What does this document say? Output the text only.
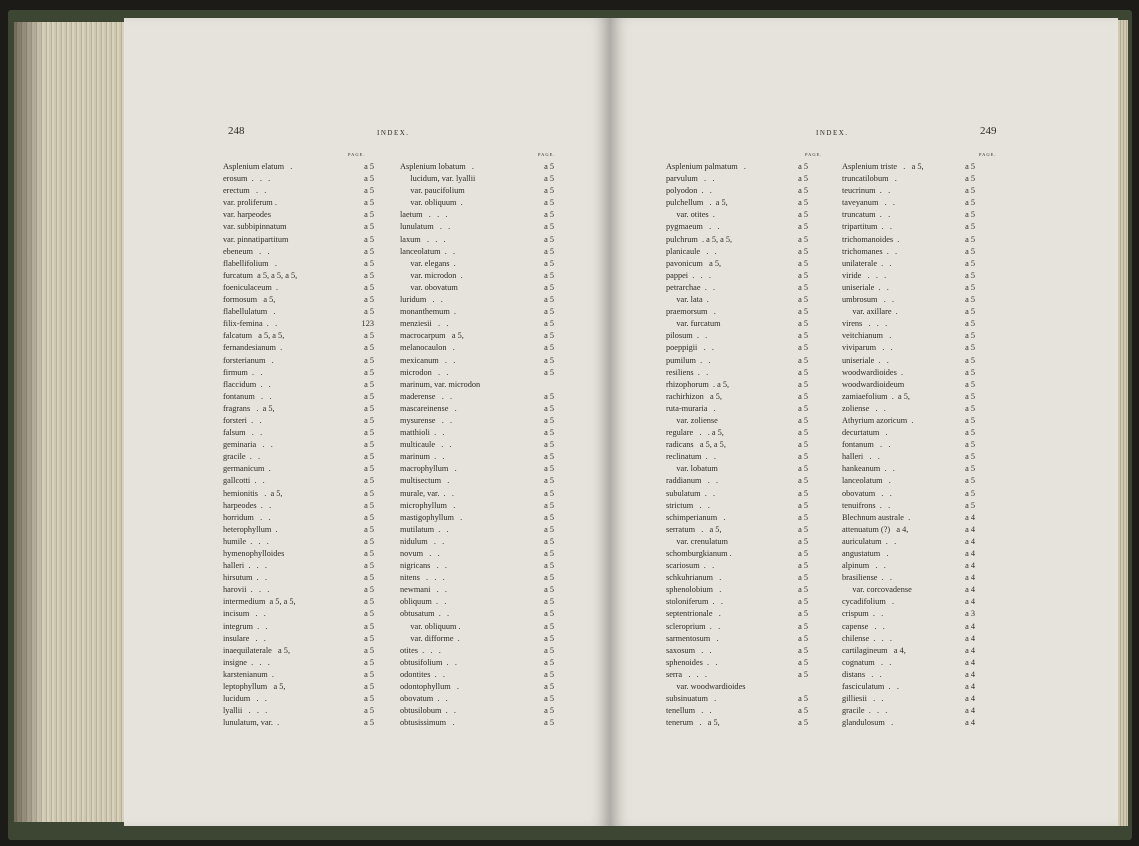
248	INDEX.
PAGE.	PAGE.
Asplenium elatum   .	a 5
erosum  .   .   .	a 5
erectum   .   .	a 5
var. proliferum .	a 5
var. harpeodes	a 5
var. subbipinnatum	a 5
var. pinnatipartitum	a 5
ebeneum   .   .	a 5
flabellifolium   .	a 5
furcatum  a 5, a 5, a 5,	a 5
foeniculaceum  .	a 5
formosum   a 5,	a 5
flabellulatum   .	a 5
filix-femina  .   .	123
falcatum   a 5, a 5,	a 5
fernandesianum  .	a 5
forsterianum   .	a 5
firmum  .   .	a 5
flaccidum  .   .	a 5
fontanum   .   .	a 5
fragrans   .  a 5,	a 5
forsteri  .   .	a 5
falsum   .   .	a 5
geminaria   .   .	a 5
gracile  .   .	a 5
germanicum  .	a 5
gallcotti  .   .	a 5
hemionitis   .  a 5,	a 5
harpeodes  .   .	a 5
horridum   .   .	a 5
heterophyllum  .	a 5
humile  .   .   .	a 5
hymenophylloides	a 5
halleri  .   .   .	a 5
hirsutum  .   .	a 5
harovii  .   .   .	a 5
intermedium  a 5, a 5,	a 5
incisum   .   .	a 5
integrum  .   .	a 5
insulare   .   .	a 5
inaequilaterale   a 5,	a 5
insigne  .   .   .	a 5
karstenianum  .	a 5
leptophyllum   a 5,	a 5
lucidum   .   .	a 5
lyallii   .   .   .	a 5
lunulatum, var.  .	a 5
Asplenium lobatum   .	a 5
lucidum, var. lyallii	a 5
var. paucifolium	a 5
var. obliquum  .	a 5
laetum   .   .   .	a 5
lunulatum   .   .	a 5
laxum   .   .   .	a 5
lanceolatum  .   .	a 5
var. elegans  .	a 5
var. microdon  .	a 5
var. obovatum	a 5
luridum   .   .	a 5
monanthemum  .	a 5
menziesii   .   .	a 5
macrocarpum   a 5,	a 5
melanocaulon   .	a 5
mexicanum   .   .	a 5
microdon   .   .	a 5
marinum, var. microdon
maderense   .   .	a 5
mascareinense   .	a 5
mysurense   .   .	a 5
matthioli  .   .	a 5
multicaule   .   .	a 5
marinum  .   .	a 5
macrophyllum   .	a 5
multisectum   .	a 5
murale, var.  .   .	a 5
microphyllum   .	a 5
mastigophyllum   .	a 5
mutilatum  .   .	a 5
nidulum   .   .	a 5
novum   .   .	a 5
nigricans   .   .	a 5
nitens   .   .   .	a 5
newmani   .   .	a 5
obliquum  .   .	a 5
obtusatum  .   .	a 5
var. obliquum .	a 5
var. difforme  .	a 5
otites  .   .   .	a 5
obtusifolium  .   .	a 5
odontites  .   .	a 5
odontophyllum   .	a 5
obovatum  .   .	a 5
obtusilobum  .   .	a 5
obtusissimum   .	a 5
249
INDEX.
PAGE.	PAGE.
Asplenium palmatum   .	a 5
parvulum   .   .	a 5
polyodon  .   .	a 5
pulchellum   .  a 5,	a 5
var. otites  .	a 5
pygmaeum   .   .	a 5
pulchrum  . a 5, a 5,	a 5
planicaule   .   .	a 5
pavonicum   a 5,	a 5
pappei  .   .   .	a 5
petrarchae  .   .	a 5
var. lata  .	a 5
praemorsum   .	a 5
var. furcatum	a 5
pilosum  .   .	a 5
poeppigii   .   .	a 5
pumilum  .   .	a 5
resiliens  .   .	a 5
rhizophorum  . a 5,	a 5
rachirhizon   a 5,	a 5
ruta-muraria   .	a 5
var. zoliense	a 5
regulare   .   . a 5,	a 5
radicans   a 5, a 5,	a 5
reclinatum  .   .	a 5
var. lobatum	a 5
raddianum   .   .	a 5
subulatum  .   .	a 5
strictum   .   .	a 5
schimperianum   .	a 5
serratum   .   a 5,	a 5
var. crenulatum	a 5
schomburgkianum .	a 5
scariosum  .   .	a 5
schkuhrianum   .	a 5
sphenolobium   .	a 5
stoloniferum  .   .	a 5
septentrionale   .	a 5
scleroprium  .   .	a 5
sarmentosum   .	a 5
saxosum   .   .	a 5
sphenoides  .   .	a 5
serra   .   .   .	a 5
var. woodwardioides
subsinuatum   .	a 5
tenellum   .   .	a 5
tenerum   .   a 5,	a 5
Asplenium triste   .   a 5,	a 5
truncatilobum   .	a 5
teucrinum  .   .	a 5
taveyanum   .   .	a 5
truncatum  .   .	a 5
tripartitum  .   .	a 5
trichomanoides  .	a 5
trichomanes  .   .	a 5
unilaterale  .   .	a 5
viride   .   .   .	a 5
uniseriale  .   .	a 5
umbrosum   .   .	a 5
var. axillare  .	a 5
virens   .   .   .	a 5
veitchianum   .	a 5
viviparum   .   .	a 5
uniseriale  .   .	a 5
woodwardioides  .	a 5
woodwardioideum	a 5
zamiaefolium  .  a 5,	a 5
zoliense   .   .	a 5
Athyrium azoricum  .	a 5
decurtatum   .	a 5
fontanum   .   .	a 5
halleri   .   .	a 5
hankeanum  .   .	a 5
lanceolatum   .	a 5
obovatum   .   .	a 5
tenuifrons  .   .	a 5
Blechnum australe  .	a 4
attenuatum (?)   a 4,	a 4
auriculatum  .   .	a 4
angustatum   .	a 4
alpinum   .   .	a 4
brasiliense  .   .	a 4
var. corcovadense	a 4
cycadifolium   .	a 4
crispum  .   .	a 3
capense   .   .	a 4
chilense  .   .   .	a 4
cartilagineum   a 4,	a 4
cognatum   .   .	a 4
distans   .   .	a 4
fasciculatum  .   .	a 4
gilliesii   .   .	a 4
gracile  .   .   .	a 4
glandulosum   .	a 4
